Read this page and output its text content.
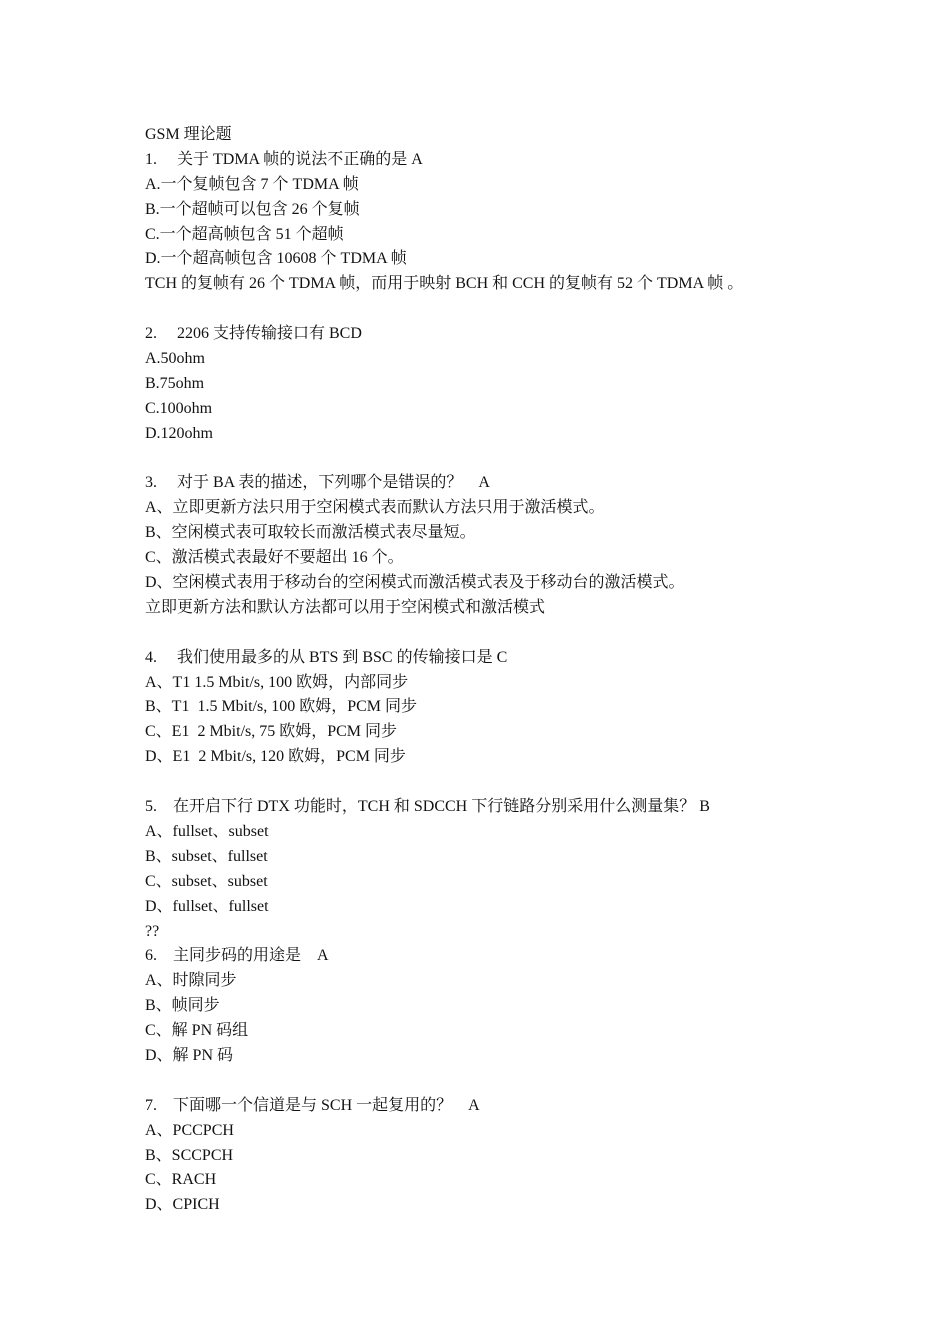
GSM 理论题
1.　 关于 TDMA 帧的说法不正确的是 A
A.一个复帧包含 7 个 TDMA 帧
B.一个超帧可以包含 26 个复帧
C.一个超高帧包含 51 个超帧
D.一个超高帧包含 10608 个 TDMA 帧
TCH 的复帧有 26 个 TDMA 帧，而用于映射 BCH 和 CCH 的复帧有 52 个 TDMA 帧 。
2.　 2206 支持传输接口有 BCD
A.50ohm
B.75ohm
C.100ohm
D.120ohm
3.　 对于 BA 表的描述，下列哪个是错误的？　A
A、立即更新方法只用于空闲模式表而默认方法只用于激活模式。
B、空闲模式表可取较长而激活模式表尽量短。
C、激活模式表最好不要超出 16 个。
D、空闲模式表用于移动台的空闲模式而激活模式表及于移动台的激活模式。
立即更新方法和默认方法都可以用于空闲模式和激活模式
4.　 我们使用最多的从 BTS 到 BSC 的传输接口是 C
A、T1 1.5 Mbit/s, 100 欧姆，内部同步
B、T1  1.5 Mbit/s, 100 欧姆，PCM 同步
C、E1  2 Mbit/s, 75 欧姆，PCM 同步
D、E1  2 Mbit/s, 120 欧姆，PCM 同步
5.　在开启下行 DTX 功能时，TCH 和 SDCCH 下行链路分别采用什么测量集？ B
A、fullset、subset
B、subset、fullset
C、subset、subset
D、fullset、fullset
??
6.　主同步码的用途是　A
A、时隙同步
B、帧同步
C、解 PN 码组
D、解 PN 码
7.　下面哪一个信道是与 SCH 一起复用的？　A
A、PCCPCH
B、SCCPCH
C、RACH
D、CPICH
